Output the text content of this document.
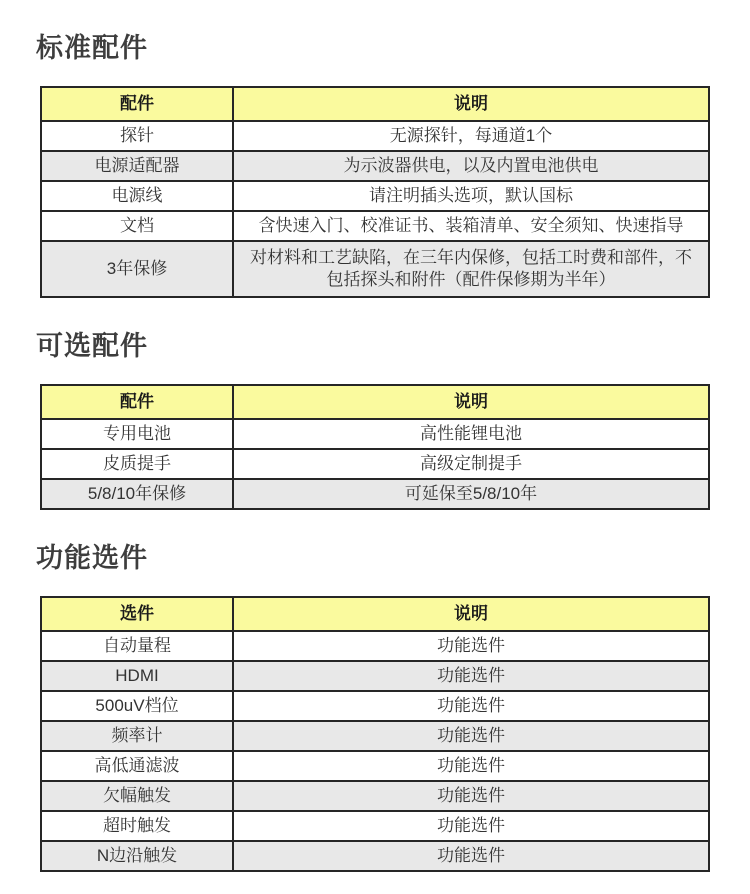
标准配件
配件	说明
探针	无源探针，每通道1个
电源适配器	为示波器供电，以及内置电池供电
电源线	请注明插头选项，默认国标
文档	含快速入门、校准证书、装箱清单、安全须知、快速指导
3年保修	对材料和工艺缺陷，在三年内保修，包括工时费和部件，不包括探头和附件（配件保修期为半年）
可选配件
配件	说明
专用电池	高性能锂电池
皮质提手	高级定制提手
5/8/10年保修	可延保至5/8/10年
功能选件
选件	说明
自动量程	功能选件
HDMI	功能选件
500uV档位	功能选件
频率计	功能选件
高低通滤波	功能选件
欠幅触发	功能选件
超时触发	功能选件
N边沿触发	功能选件
